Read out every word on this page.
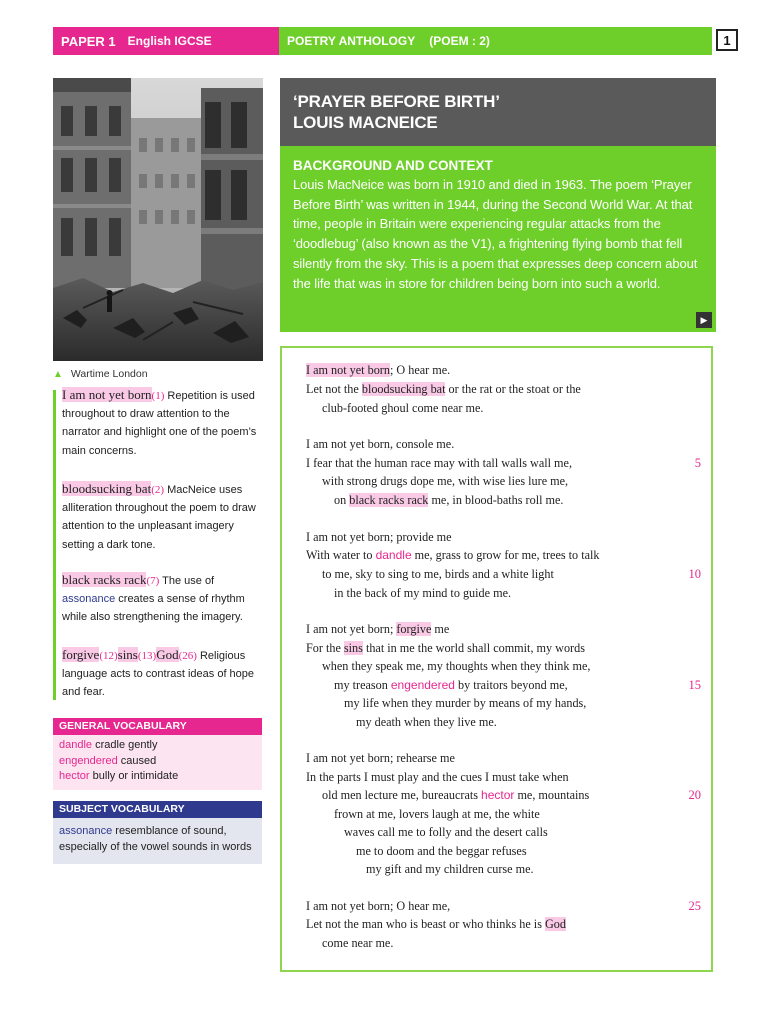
PAPER 1 English IGCSE	POETRY ANTHOLOGY (POEM : 2)	1
▲ Wartime London
‘PRAYER BEFORE BIRTH’
LOUIS MACNEICE
BACKGROUND AND CONTEXT
Louis MacNeice was born in 1910 and died in 1963. The poem ‘Prayer Before Birth’ was written in 1944, during the Second World War. At that time, people in Britain were experiencing regular attacks from the ‘doodlebug’ (also known as the V1), a frightening flying bomb that fell silently from the sky. This is a poem that expresses deep concern about the life that was in store for children being born into such a world.
▶
I am not yet born(1) Repetition is used throughout to draw attention to the narrator and highlight one of the poem’s main concerns.
bloodsucking bat(2) MacNeice uses alliteration throughout the poem to draw attention to the unpleasant imagery setting a dark tone.
black racks rack(7) The use of assonance creates a sense of rhythm while also strengthening the imagery.
forgive(12)sins(13)God(26) Religious language acts to contrast ideas of hope and fear.
GENERAL VOCABULARY
dandle cradle gently
engendered caused
hector bully or intimidate
SUBJECT VOCABULARY
assonance resemblance of sound, especially of the vowel sounds in words
I am not yet born; O hear me.
Let not the bloodsucking bat or the rat or the stoat or the
club-footed ghoul come near me.
I am not yet born, console me.
I fear that the human race may with tall walls wall me,
with strong drugs dope me, with wise lies lure me,
on black racks rack me, in blood-baths roll me.
I am not yet born; provide me
With water to dandle me, grass to grow for me, trees to talk
to me, sky to sing to me, birds and a white light
in the back of my mind to guide me.
I am not yet born; forgive me
For the sins that in me the world shall commit, my words
when they speak me, my thoughts when they think me,
my treason engendered by traitors beyond me,
my life when they murder by means of my hands,
my death when they live me.
I am not yet born; rehearse me
In the parts I must play and the cues I must take when
old men lecture me, bureaucrats hector me, mountains
frown at me, lovers laugh at me, the white
waves call me to folly and the desert calls
me to doom and the beggar refuses
my gift and my children curse me.
I am not yet born; O hear me,
Let not the man who is beast or who thinks he is God
come near me.
5
10
15
20
25
